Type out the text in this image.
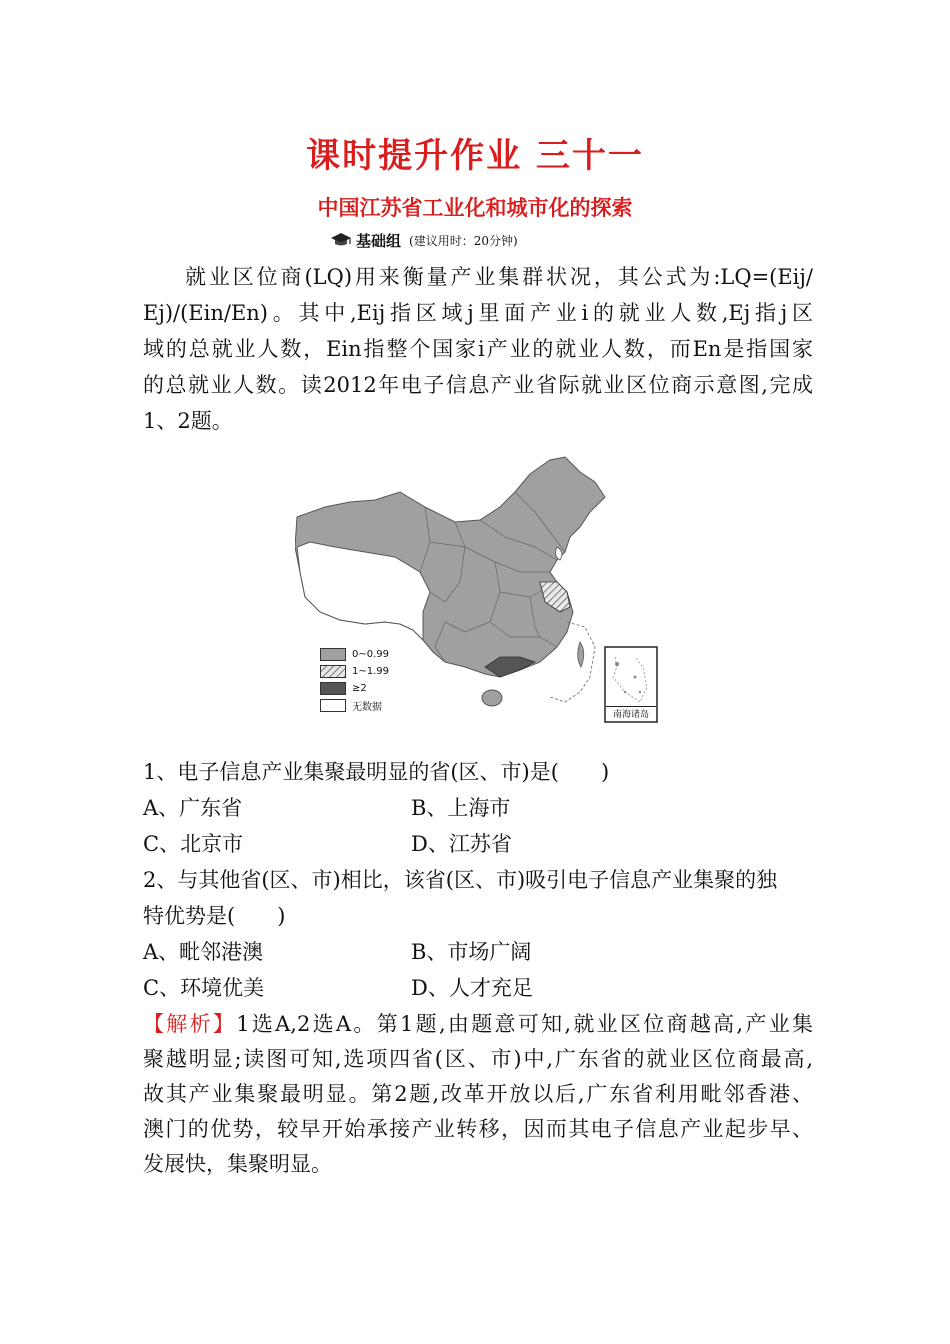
课时提升作业 三十一
中国江苏省工业化和城市化的探索
基础组 (建议用时：20分钟)
就业区位商(LQ)用来衡量产业集群状况，其公式为:LQ=(Eij/
Ej)/(Ein/En)。其中,Eij指区域j里面产业i的就业人数,Ej指j区
域的总就业人数，Ein指整个国家i产业的就业人数，而En是指国家
的总就业人数。读2012年电子信息产业省际就业区位商示意图,完成
1、2题。
南海诸岛
0~0.99
1~1.99
≥2
无数据
1、电子信息产业集聚最明显的省(区、市)是(　　)
A、广东省	B、上海市
C、北京市	D、江苏省
2、与其他省(区、市)相比，该省(区、市)吸引电子信息产业集聚的独
特优势是(　　)
A、毗邻港澳	B、市场广阔
C、环境优美	D、人才充足
【解析】1选A,2选A。第1题,由题意可知,就业区位商越高,产业集
聚越明显;读图可知,选项四省(区、市)中,广东省的就业区位商最高,
故其产业集聚最明显。第2题,改革开放以后,广东省利用毗邻香港、
澳门的优势，较早开始承接产业转移，因而其电子信息产业起步早、
发展快，集聚明显。
